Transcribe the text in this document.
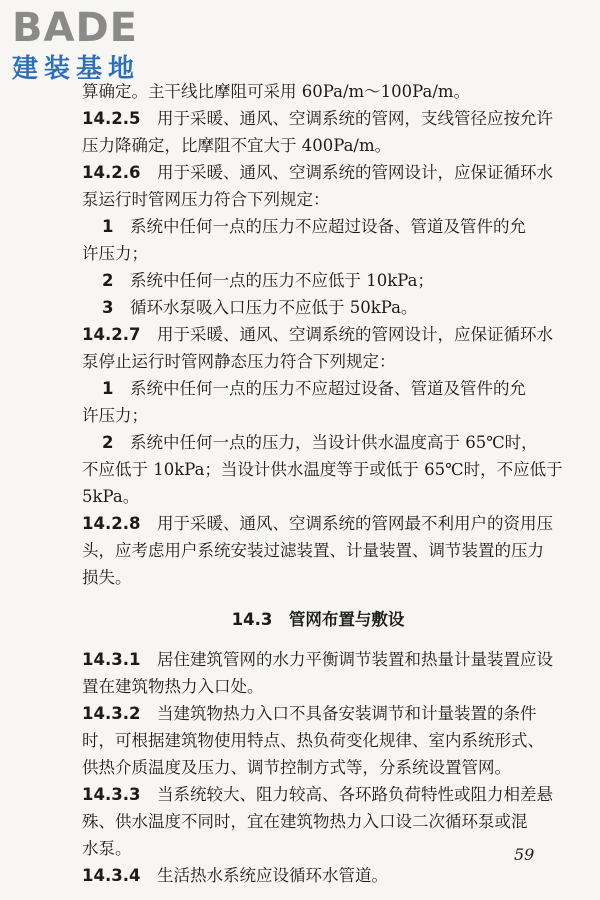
BADE
建装基地
算确定。主干线比摩阻可采用 60Pa/m～100Pa/m。
14.2.5　 用于采暖、通风、空调系统的管网，支线管径应按允许
压力降确定，比摩阻不宜大于 400Pa/m。
14.2.6　 用于采暖、通风、空调系统的管网设计，应保证循环水
泵运行时管网压力符合下列规定：
1　 系统中任何一点的压力不应超过设备、管道及管件的允
许压力；
2　 系统中任何一点的压力不应低于 10kPa；
3　 循环水泵吸入口压力不应低于 50kPa。
14.2.7　 用于采暖、通风、空调系统的管网设计，应保证循环水
泵停止运行时管网静态压力符合下列规定：
1　 系统中任何一点的压力不应超过设备、管道及管件的允
许压力；
2　 系统中任何一点的压力，当设计供水温度高于 65℃时，
不应低于 10kPa；当设计供水温度等于或低于 65℃时，不应低于
5kPa。
14.2.8　 用于采暖、通风、空调系统的管网最不利用户的资用压
头，应考虑用户系统安装过滤装置、计量装置、调节装置的压力
损失。
14.3　管网布置与敷设
14.3.1　 居住建筑管网的水力平衡调节装置和热量计量装置应设
置在建筑物热力入口处。
14.3.2　 当建筑物热力入口不具备安装调节和计量装置的条件
时，可根据建筑物使用特点、热负荷变化规律、室内系统形式、
供热介质温度及压力、调节控制方式等，分系统设置管网。
14.3.3　 当系统较大、阻力较高、各环路负荷特性或阻力相差悬
殊、供水温度不同时，宜在建筑物热力入口设二次循环泵或混
水泵。
14.3.4　 生活热水系统应设循环水管道。
59
